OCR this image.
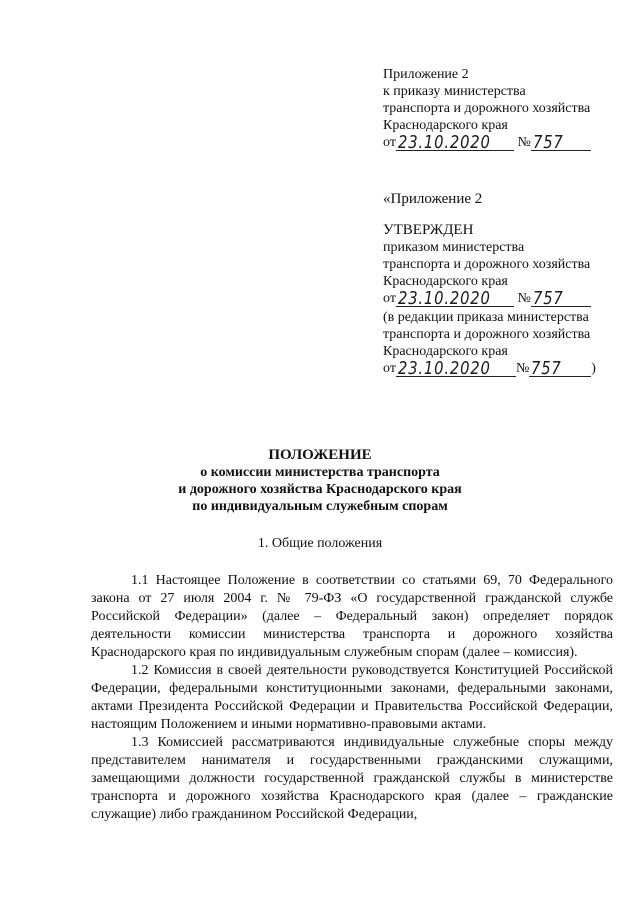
Приложение 2
к приказу министерства
транспорта и дорожного хозяйства
Краснодарского края
от 23.10.2020 № 757
«Приложение 2
УТВЕРЖДЕН
приказом министерства
транспорта и дорожного хозяйства
Краснодарского края
от 23.10.2020 № 757
(в редакции приказа министерства
транспорта и дорожного хозяйства
Краснодарского края
от 23.10.2020 № 757 )
ПОЛОЖЕНИЕ
о комиссии министерства транспорта
и дорожного хозяйства Краснодарского края
по индивидуальным служебным спорам
1. Общие положения

1.1 Настоящее Положение в соответствии со статьями 69, 70 Федерального закона от 27 июля 2004 г. № 79-ФЗ «О государственной гражданской службе Российской Федерации» (далее – Федеральный закон) определяет порядок деятельности комиссии министерства транспорта и дорожного хозяйства Краснодарского края по индивидуальным служебным спорам (далее – комиссия).

1.2 Комиссия в своей деятельности руководствуется Конституцией Российской Федерации, федеральными конституционными законами, федеральными законами, актами Президента Российской Федерации и Правительства Российской Федерации, настоящим Положением и иными нормативно-правовыми актами.

1.3 Комиссией рассматриваются индивидуальные служебные споры между представителем нанимателя и государственными гражданскими служащими, замещающими должности государственной гражданской службы в министерстве транспорта и дорожного хозяйства Краснодарского края (далее – гражданские служащие) либо гражданином Российской Федерации,
